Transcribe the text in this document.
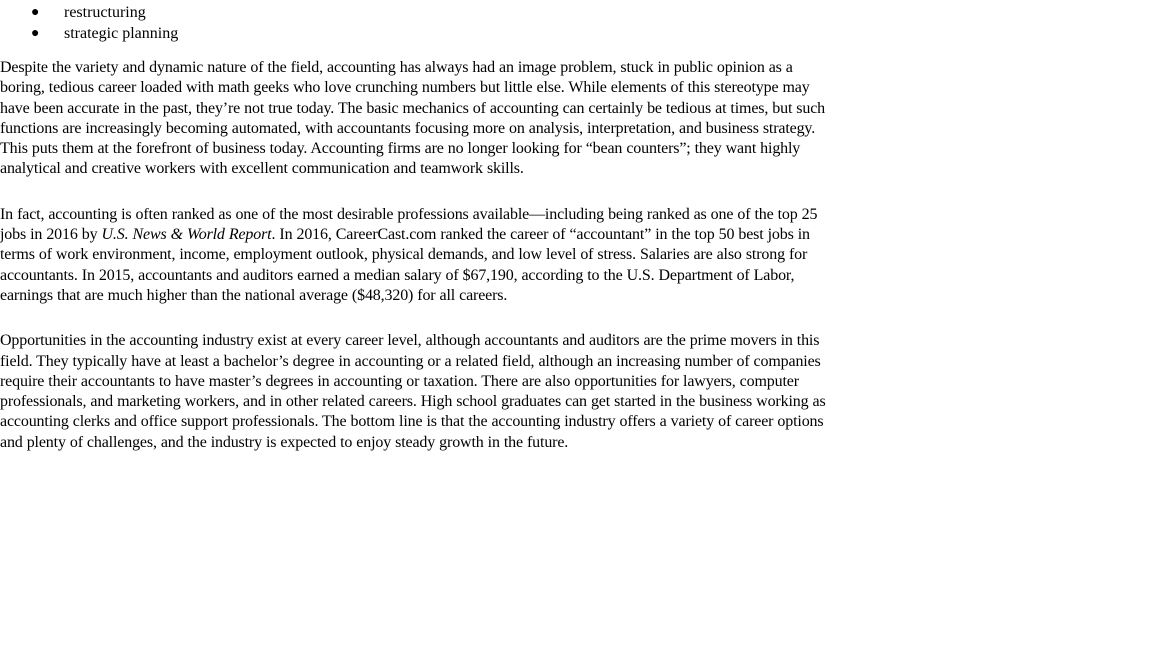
● restructuring
● strategic planning

Despite the variety and dynamic nature of the field, accounting has always had an image problem, stuck in public opinion as a boring, tedious career loaded with math geeks who love crunching numbers but little else. While elements of this stereotype may have been accurate in the past, they’re not true today. The basic mechanics of accounting can certainly be tedious at times, but such functions are increasingly becoming automated, with accountants focusing more on analysis, interpretation, and business strategy. This puts them at the forefront of business today. Accounting firms are no longer looking for “bean counters”; they want highly analytical and creative workers with excellent communication and teamwork skills.

In fact, accounting is often ranked as one of the most desirable professions available—including being ranked as one of the top 25 jobs in 2016 by U.S. News & World Report. In 2016, CareerCast.com ranked the career of “accountant” in the top 50 best jobs in terms of work environment, income, employment outlook, physical demands, and low level of stress. Salaries are also strong for accountants. In 2015, accountants and auditors earned a median salary of $67,190, according to the U.S. Department of Labor, earnings that are much higher than the national average ($48,320) for all careers.

Opportunities in the accounting industry exist at every career level, although accountants and auditors are the prime movers in this field. They typically have at least a bachelor’s degree in accounting or a related field, although an increasing number of companies require their accountants to have master’s degrees in accounting or taxation. There are also opportunities for lawyers, computer professionals, and marketing workers, and in other related careers. High school graduates can get started in the business working as accounting clerks and office support professionals. The bottom line is that the accounting industry offers a variety of career options and plenty of challenges, and the industry is expected to enjoy steady growth in the future.
